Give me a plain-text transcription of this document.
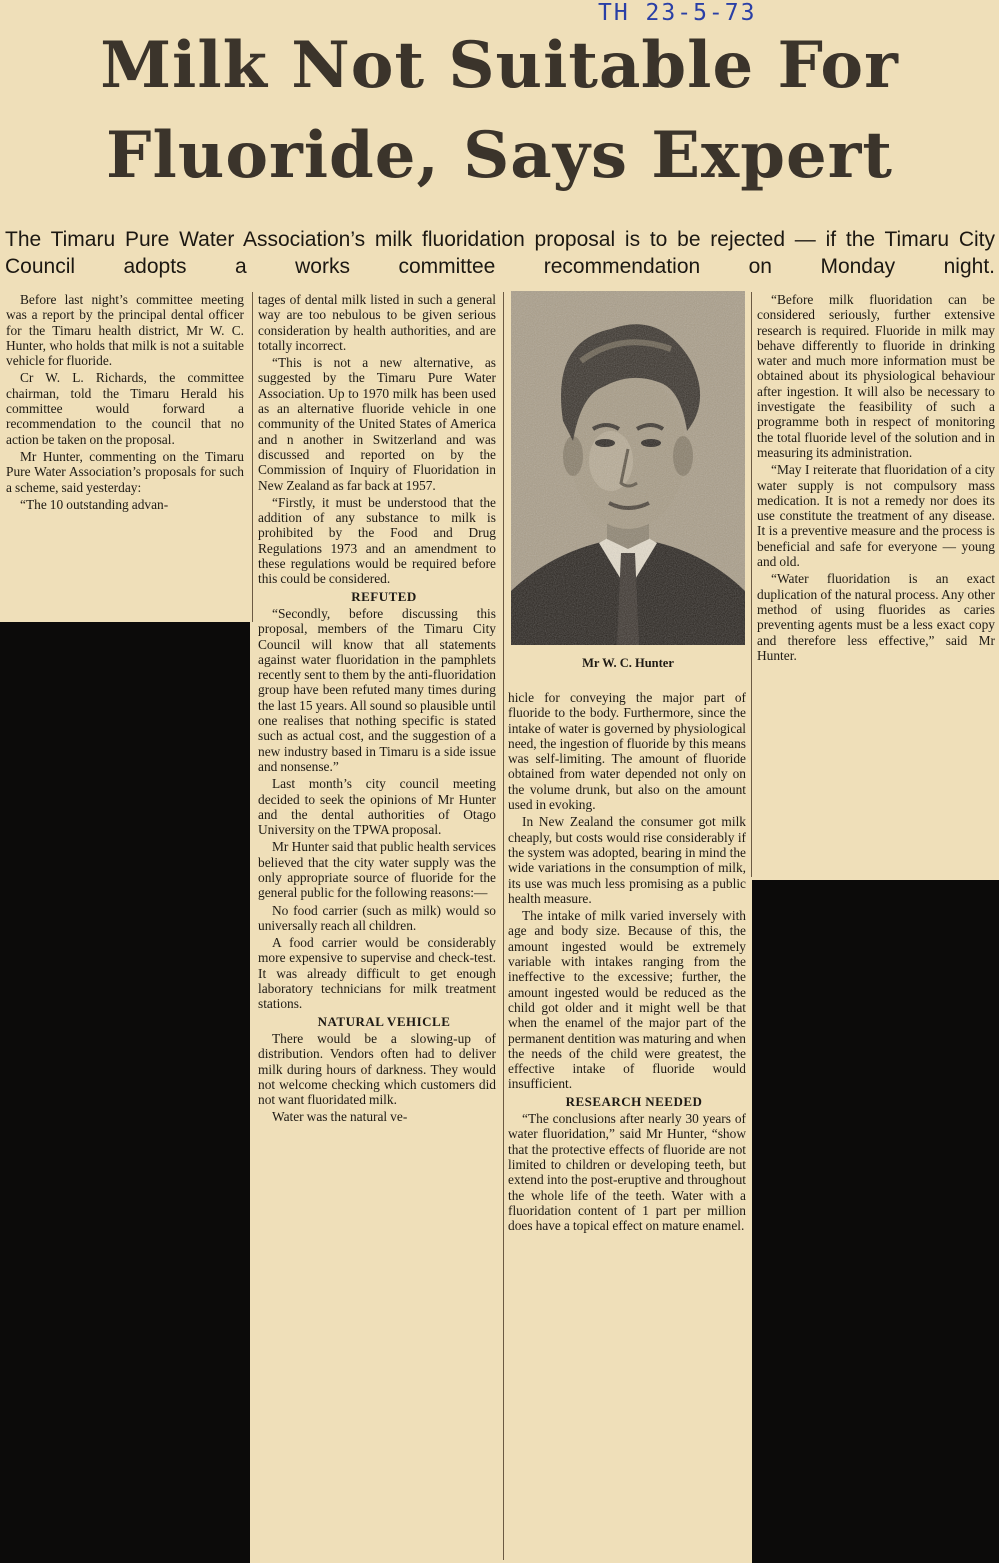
TH 23-5-73
Milk Not Suitable For
Fluoride, Says Expert
The Timaru Pure Water Association’s milk fluoridation proposal is to be rejected — if the Timaru City Council adopts a works committee recommendation on Monday night.

Before last night’s committee meeting was a report by the principal dental officer for the Timaru health district, Mr W. C. Hunter, who holds that milk is not a suitable vehicle for fluoride.

Cr W. L. Richards, the committee chairman, told the Timaru Herald his committee would forward a recommendation to the council that no action be taken on the proposal.

Mr Hunter, commenting on the Timaru Pure Water Association’s proposals for such a scheme, said yesterday:

“The 10 outstanding advan-

tages of dental milk listed in such a general way are too nebulous to be given serious consideration by health authorities, and are totally incorrect.

“This is not a new alternative, as suggested by the Timaru Pure Water Association. Up to 1970 milk has been used as an alternative fluoride vehicle in one community of the United States of America and n another in Switzerland and was discussed and reported on by the Commission of Inquiry of Fluoridation in New Zealand as far back at 1957.

“Firstly, it must be understood that the addition of any substance to milk is prohibited by the Food and Drug Regulations 1973 and an amendment to these regulations would be required before this could be considered.

REFUTED

“Secondly, before discussing this proposal, members of the Timaru City Council will know that all statements against water fluoridation in the pamphlets recently sent to them by the anti-fluoridation group have been refuted many times during the last 15 years. All sound so plausible until one realises that nothing specific is stated such as actual cost, and the suggestion of a new industry based in Timaru is a side issue and nonsense.”

Last month’s city council meeting decided to seek the opinions of Mr Hunter and the dental authorities of Otago University on the TPWA proposal.

Mr Hunter said that public health services believed that the city water supply was the only appropriate source of fluoride for the general public for the following reasons:—

No food carrier (such as milk) would so universally reach all children.

A food carrier would be considerably more expensive to supervise and check-test. It was already difficult to get enough laboratory technicians for milk treatment stations.

NATURAL VEHICLE

There would be a slowing-up of distribution. Vendors often had to deliver milk during hours of darkness. They would not welcome checking which customers did not want fluoridated milk.

Water was the natural ve-

Mr W. C. Hunter

hicle for conveying the major part of fluoride to the body. Furthermore, since the intake of water is governed by physiological need, the ingestion of fluoride by this means was self-limiting. The amount of fluoride obtained from water depended not only on the volume drunk, but also on the amount used in evoking.

In New Zealand the consumer got milk cheaply, but costs would rise considerably if the system was adopted, bearing in mind the wide variations in the consumption of milk, its use was much less promising as a public health measure.

The intake of milk varied inversely with age and body size. Because of this, the amount ingested would be extremely variable with intakes ranging from the ineffective to the excessive; further, the amount ingested would be reduced as the child got older and it might well be that when the enamel of the major part of the permanent dentition was maturing and when the needs of the child were greatest, the effective intake of fluoride would insufficient.

RESEARCH NEEDED

“The conclusions after nearly 30 years of water fluoridation,” said Mr Hunter, “show that the protective effects of fluoride are not limited to children or developing teeth, but extend into the post-eruptive and throughout the whole life of the teeth. Water with a fluoridation content of 1 part per million does have a topical effect on mature enamel.

“Before milk fluoridation can be considered seriously, further extensive research is required. Fluoride in milk may behave differently to fluoride in drinking water and much more information must be obtained about its physiological behaviour after ingestion. It will also be necessary to investigate the feasibility of such a programme both in respect of monitoring the total fluoride level of the solution and in measuring its administration.

“May I reiterate that fluoridation of a city water supply is not compulsory mass medication. It is not a remedy nor does its use constitute the treatment of any disease. It is a preventive measure and the process is beneficial and safe for everyone — young and old.

“Water fluoridation is an exact duplication of the natural process. Any other method of using fluorides as caries preventing agents must be a less exact copy and therefore less effective,” said Mr Hunter.
